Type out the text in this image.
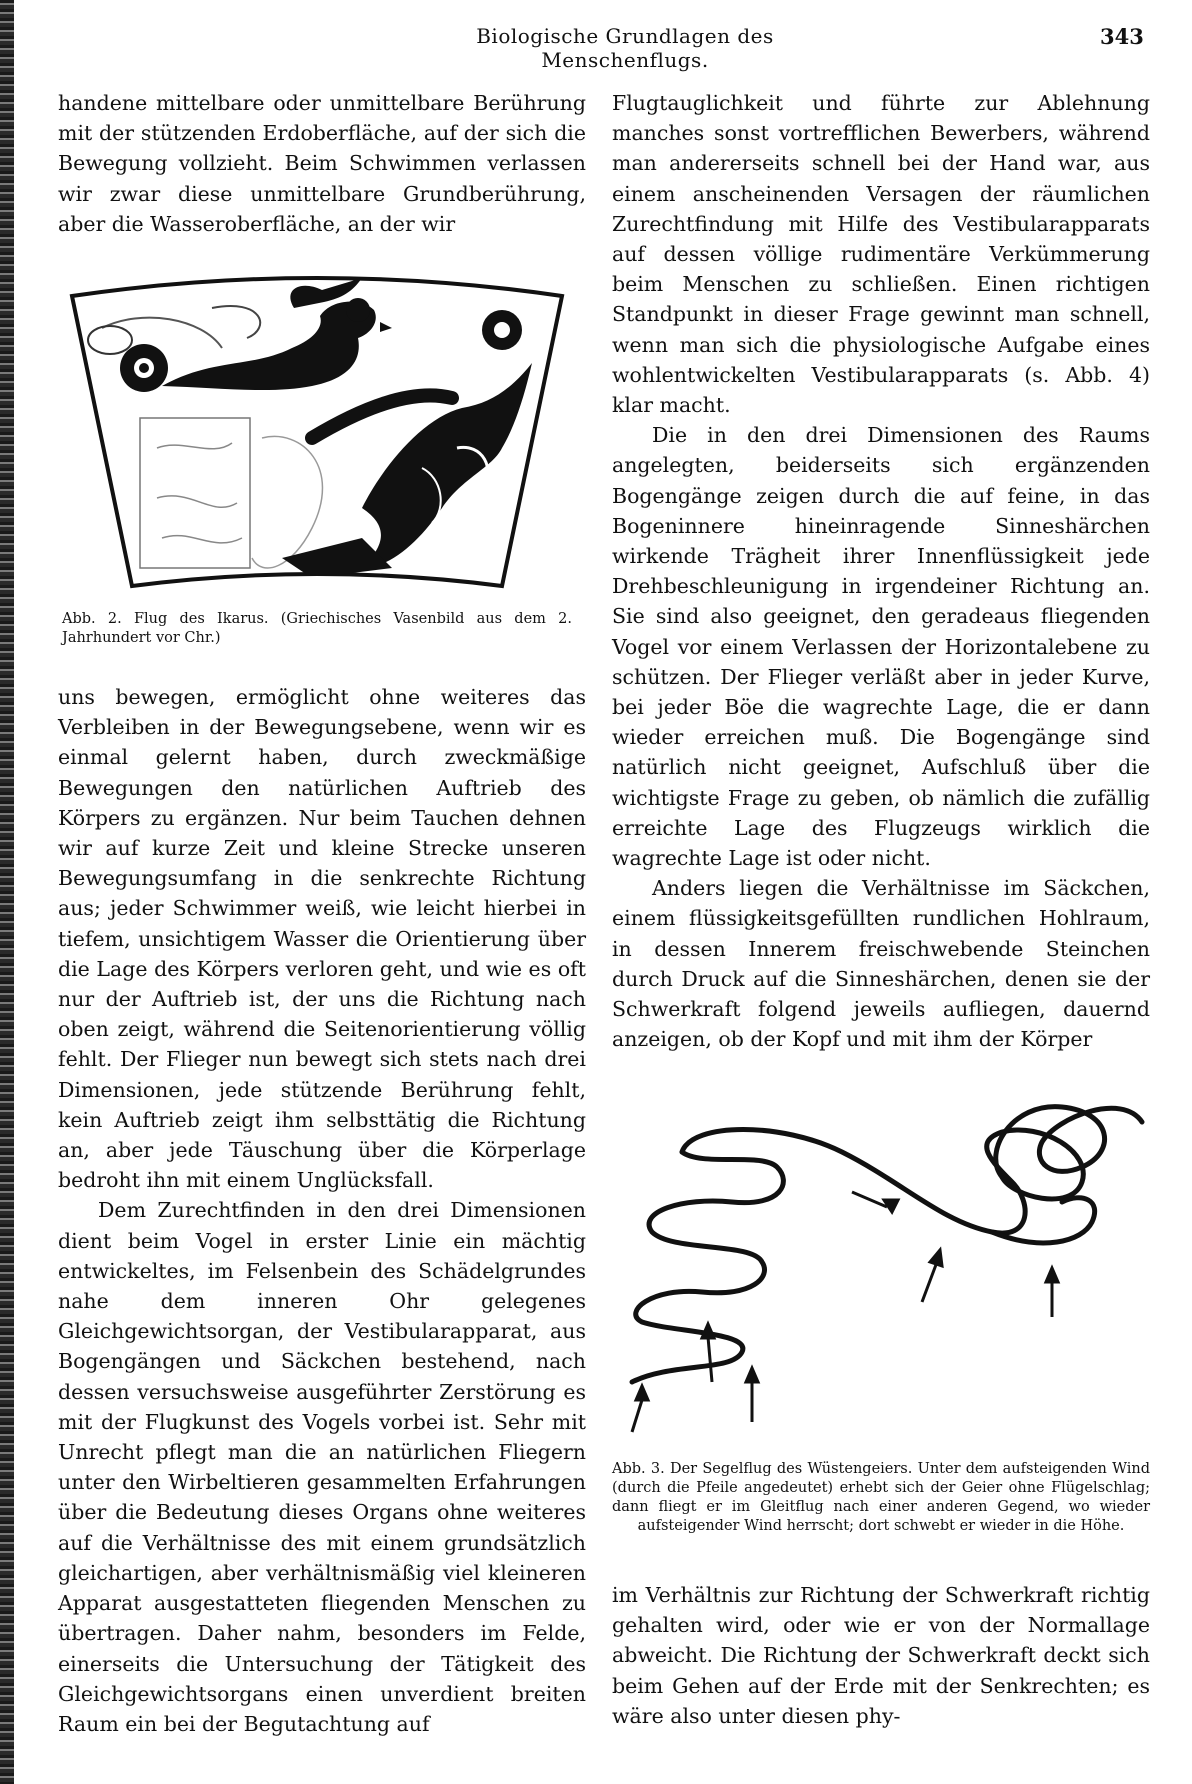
Biologische Grundlagen des Menschenflugs.
343

handene mittelbare oder unmittelbare Berührung mit der stützenden Erdoberfläche, auf der sich die Bewegung vollzieht. Beim Schwimmen verlassen wir zwar diese unmittelbare Grundberührung, aber die Wasseroberfläche, an der wir

Abb. 2. Flug des Ikarus. (Griechisches Vasenbild aus dem 2. Jahrhundert vor Chr.)

uns bewegen, ermöglicht ohne weiteres das Verbleiben in der Bewegungsebene, wenn wir es einmal gelernt haben, durch zweckmäßige Bewegungen den natürlichen Auftrieb des Körpers zu ergänzen. Nur beim Tauchen dehnen wir auf kurze Zeit und kleine Strecke unseren Bewegungsumfang in die senkrechte Richtung aus; jeder Schwimmer weiß, wie leicht hierbei in tiefem, unsichtigem Wasser die Orientierung über die Lage des Körpers verloren geht, und wie es oft nur der Auftrieb ist, der uns die Richtung nach oben zeigt, während die Seitenorientierung völlig fehlt. Der Flieger nun bewegt sich stets nach drei Dimensionen, jede stützende Berührung fehlt, kein Auftrieb zeigt ihm selbsttätig die Richtung an, aber jede Täuschung über die Körperlage bedroht ihn mit einem Unglücksfall.

Dem Zurechtfinden in den drei Dimensionen dient beim Vogel in erster Linie ein mächtig entwickeltes, im Felsenbein des Schädelgrundes nahe dem inneren Ohr gelegenes Gleichgewichtsorgan, der Vestibularapparat, aus Bogengängen und Säckchen bestehend, nach dessen versuchsweise ausgeführter Zerstörung es mit der Flugkunst des Vogels vorbei ist. Sehr mit Unrecht pflegt man die an natürlichen Fliegern unter den Wirbeltieren gesammelten Erfahrungen über die Bedeutung dieses Organs ohne weiteres auf die Verhältnisse des mit einem grundsätzlich gleichartigen, aber verhältnismäßig viel kleineren Apparat ausgestatteten fliegenden Menschen zu übertragen. Daher nahm, besonders im Felde, einerseits die Untersuchung der Tätigkeit des Gleichgewichtsorgans einen unverdient breiten Raum ein bei der Begutachtung auf

Flugtauglichkeit und führte zur Ablehnung manches sonst vortrefflichen Bewerbers, während man andererseits schnell bei der Hand war, aus einem anscheinenden Versagen der räumlichen Zurechtfindung mit Hilfe des Vestibularapparats auf dessen völlige rudimentäre Verkümmerung beim Menschen zu schließen. Einen richtigen Standpunkt in dieser Frage gewinnt man schnell, wenn man sich die physiologische Aufgabe eines wohlentwickelten Vestibularapparats (s. Abb. 4) klar macht.

Die in den drei Dimensionen des Raums angelegten, beiderseits sich ergänzenden Bogengänge zeigen durch die auf feine, in das Bogeninnere hineinragende Sinneshärchen wirkende Trägheit ihrer Innenflüssigkeit jede Drehbeschleunigung in irgendeiner Richtung an. Sie sind also geeignet, den geradeaus fliegenden Vogel vor einem Verlassen der Horizontalebene zu schützen. Der Flieger verläßt aber in jeder Kurve, bei jeder Böe die wagrechte Lage, die er dann wieder erreichen muß. Die Bogengänge sind natürlich nicht geeignet, Aufschluß über die wichtigste Frage zu geben, ob nämlich die zufällig erreichte Lage des Flugzeugs wirklich die wagrechte Lage ist oder nicht.

Anders liegen die Verhältnisse im Säckchen, einem flüssigkeitsgefüllten rundlichen Hohlraum, in dessen Innerem freischwebende Steinchen durch Druck auf die Sinneshärchen, denen sie der Schwerkraft folgend jeweils aufliegen, dauernd anzeigen, ob der Kopf und mit ihm der Körper

Abb. 3. Der Segelflug des Wüstengeiers. Unter dem aufsteigenden Wind (durch die Pfeile angedeutet) erhebt sich der Geier ohne Flügelschlag; dann fliegt er im Gleitflug nach einer anderen Gegend, wo wieder aufsteigender Wind herrscht; dort schwebt er wieder in die Höhe.

im Verhältnis zur Richtung der Schwerkraft richtig gehalten wird, oder wie er von der Normallage abweicht. Die Richtung der Schwerkraft deckt sich beim Gehen auf der Erde mit der Senkrechten; es wäre also unter diesen phy-
